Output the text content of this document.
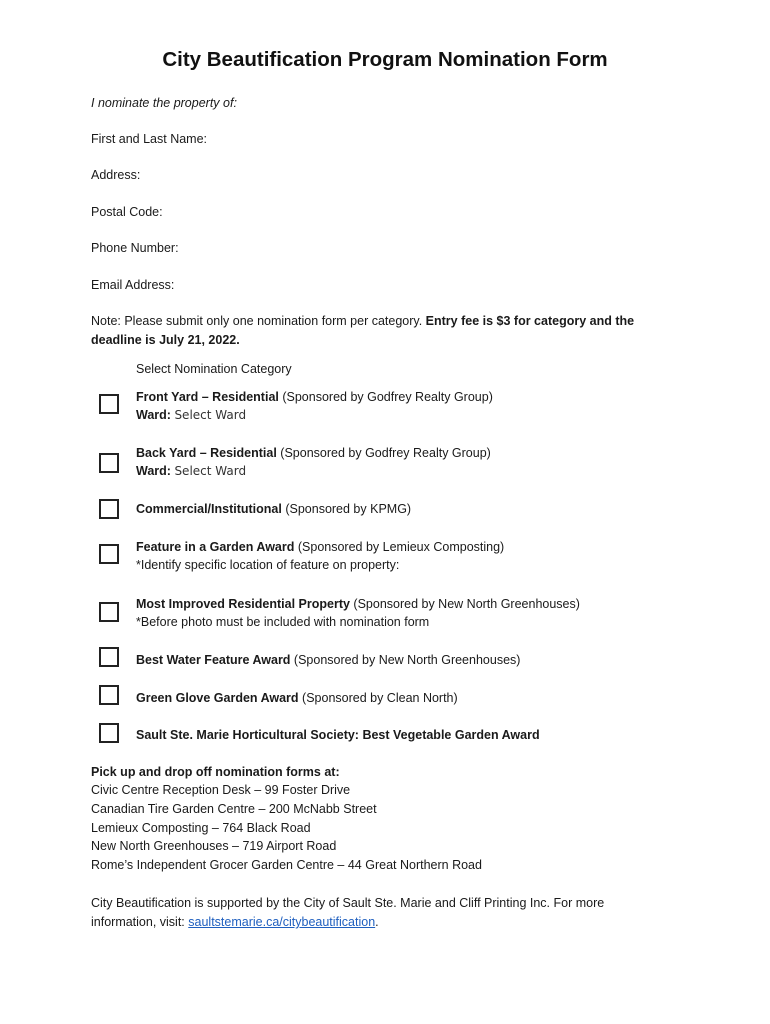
City Beautification Program Nomination Form
I nominate the property of:
First and Last Name:
Address:
Postal Code:
Phone Number:
Email Address:
Note: Please submit only one nomination form per category. Entry fee is $3 for category and the
deadline is July 21, 2022.
Select Nomination Category
Front Yard – Residential (Sponsored by Godfrey Realty Group)
Ward: Select Ward
Back Yard – Residential (Sponsored by Godfrey Realty Group)
Ward: Select Ward
Commercial/Institutional (Sponsored by KPMG)
Feature in a Garden Award (Sponsored by Lemieux Composting)
*Identify specific location of feature on property:
Most Improved Residential Property (Sponsored by New North Greenhouses)
*Before photo must be included with nomination form
Best Water Feature Award (Sponsored by New North Greenhouses)
Green Glove Garden Award (Sponsored by Clean North)
Sault Ste. Marie Horticultural Society: Best Vegetable Garden Award
Pick up and drop off nomination forms at:
Civic Centre Reception Desk – 99 Foster Drive
Canadian Tire Garden Centre – 200 McNabb Street
Lemieux Composting – 764 Black Road
New North Greenhouses – 719 Airport Road
Rome’s Independent Grocer Garden Centre – 44 Great Northern Road
City Beautification is supported by the City of Sault Ste. Marie and Cliff Printing Inc. For more
information, visit: saultstemarie.ca/citybeautification.
